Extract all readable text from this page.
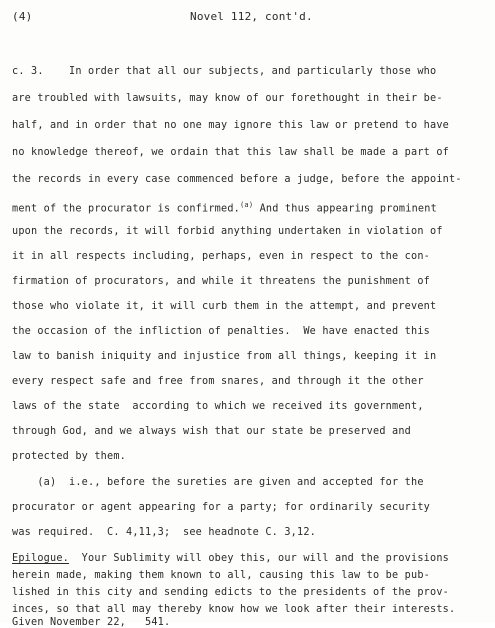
(4)	Novel 112, cont'd.
c. 3.    In order that all our subjects, and particularly those who
are troubled with lawsuits, may know of our forethought in their be-
half, and in order that no one may ignore this law or pretend to have
no knowledge thereof, we ordain that this law shall be made a part of
the records in every case commenced before a judge, before the appoint-
ment of the procurator is confirmed.$^{(a)}$ And thus appearing prominent
upon the records, it will forbid anything undertaken in violation of
it in all respects including, perhaps, even in respect to the con-
firmation of procurators, and while it threatens the punishment of
those who violate it, it will curb them in the attempt, and prevent
the occasion of the infliction of penalties.  We have enacted this
law to banish iniquity and injustice from all things, keeping it in
every respect safe and free from snares, and through it the other
laws of the state  according to which we received its government,
through God, and we always wish that our state be preserved and
protected by them.
(a)  i.e., before the sureties are given and accepted for the
procurator or agent appearing for a party; for ordinarily security
was required.  C. 4,11,3;  see headnote C. 3,12.
Epilogue.  Your Sublimity will obey this, our will and the provisions
herein made, making them known to all, causing this law to be pub-
lished in this city and sending edicts to the presidents of the prov-
inces, so that all may thereby know how we look after their interests.
Given November 22,   541.
